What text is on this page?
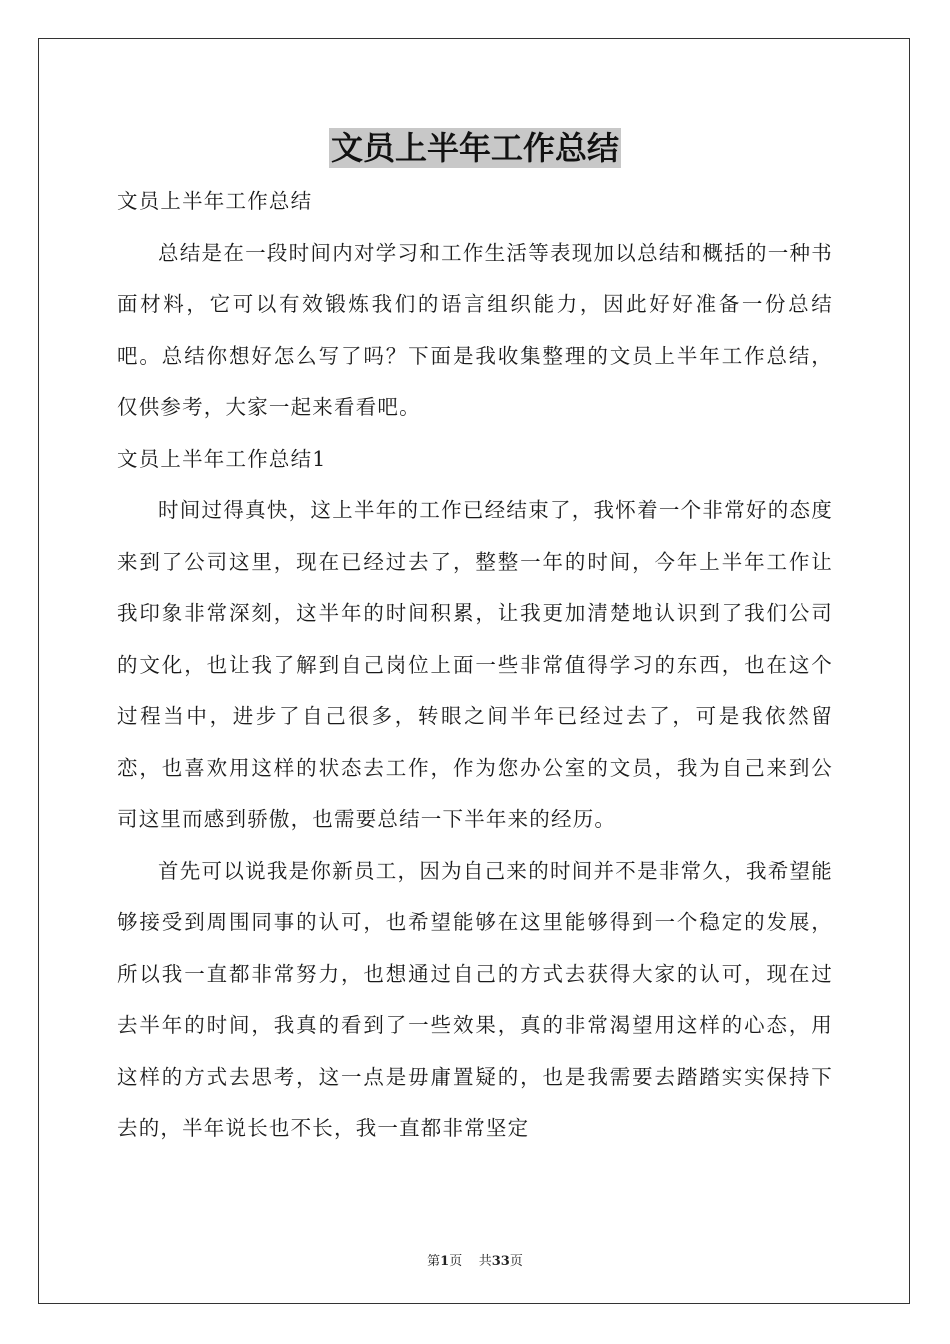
文员上半年工作总结

文员上半年工作总结

总结是在一段时间内对学习和工作生活等表现加以总结和概括的一种书面材料，它可以有效锻炼我们的语言组织能力，因此好好准备一份总结吧。总结你想好怎么写了吗？下面是我收集整理的文员上半年工作总结，仅供参考，大家一起来看看吧。

文员上半年工作总结1

时间过得真快，这上半年的工作已经结束了，我怀着一个非常好的态度来到了公司这里，现在已经过去了，整整一年的时间，今年上半年工作让我印象非常深刻，这半年的时间积累，让我更加清楚地认识到了我们公司的文化，也让我了解到自己岗位上面一些非常值得学习的东西，也在这个过程当中，进步了自己很多，转眼之间半年已经过去了，可是我依然留恋，也喜欢用这样的状态去工作，作为您办公室的文员，我为自己来到公司这里而感到骄傲，也需要总结一下半年来的经历。

首先可以说我是你新员工，因为自己来的时间并不是非常久，我希望能够接受到周围同事的认可，也希望能够在这里能够得到一个稳定的发展，所以我一直都非常努力，也想通过自己的方式去获得大家的认可，现在过去半年的时间，我真的看到了一些效果，真的非常渴望用这样的心态，用这样的方式去思考，这一点是毋庸置疑的，也是我需要去踏踏实实保持下去的，半年说长也不长，我一直都非常坚定

第1页 共33页
